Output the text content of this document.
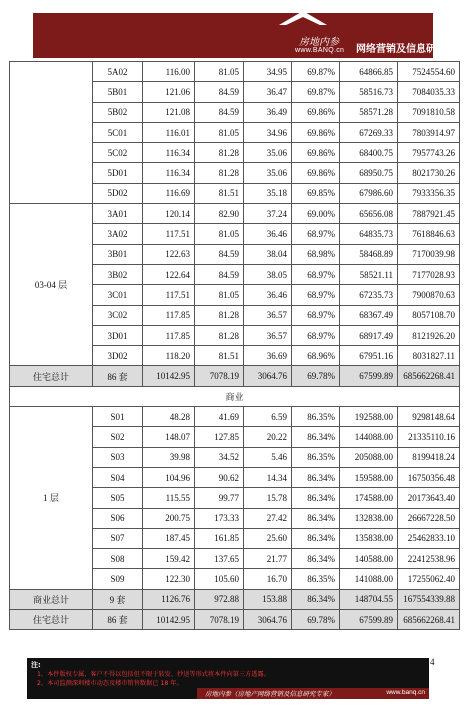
房地内参
www.BANQ.cn 网络营销及信息研究专家
	5A02	116.00	81.05	34.95	69.87%	64866.85	7524554.60
	5B01	121.06	84.59	36.47	69.87%	58516.73	7084035.33
	5B02	121.08	84.59	36.49	69.86%	58571.28	7091810.58
	5C01	116.01	81.05	34.96	69.86%	67269.33	7803914.97
	5C02	116.34	81.28	35.06	69.86%	68400.75	7957743.26
	5D01	116.34	81.28	35.06	69.86%	68950.75	8021730.26
	5D02	116.69	81.51	35.18	69.85%	67986.60	7933356.35
03-04 层	3A01	120.14	82.90	37.24	69.00%	65656.08	7887921.45
	3A02	117.51	81.05	36.46	68.97%	64835.73	7618846.63
	3B01	122.63	84.59	38.04	68.98%	58468.89	7170039.98
	3B02	122.64	84.59	38.05	68.97%	58521.11	7177028.93
	3C01	117.51	81.05	36.46	68.97%	67235.73	7900870.63
	3C02	117.85	81.28	36.57	68.97%	68367.49	8057108.70
	3D01	117.85	81.28	36.57	68.97%	68917.49	8121926.20
	3D02	118.20	81.51	36.69	68.96%	67951.16	8031827.11
住宅总计	86 套	10142.95	7078.19	3064.76	69.78%	67599.89	685662268.41
商业							
1 层	S01	48.28	41.69	6.59	86.35%	192588.00	9298148.64
	S02	148.07	127.85	20.22	86.34%	144088.00	21335110.16
	S03	39.98	34.52	5.46	86.35%	205088.00	8199418.24
	S04	104.96	90.62	14.34	86.34%	159588.00	16750356.48
	S05	115.55	99.77	15.78	86.34%	174588.00	20173643.40
	S06	200.75	173.33	27.42	86.34%	132838.00	26667228.50
	S07	187.45	161.85	25.60	86.34%	135838.00	25462833.10
	S08	159.42	137.65	21.77	86.34%	140588.00	22412538.96
	S09	122.30	105.60	16.70	86.35%	141088.00	17255062.40
商业总计	9 套	1126.76	972.88	153.88	86.34%	148704.55	167554339.88
住宅总计	86 套	10142.95	7078.19	3064.76	69.78%	67599.89	685662268.41
注:
1、本件版权专属，客户不得以包括但不限于转发、抄送等形式将本件向第三方透露。
2、本司监测深圳楼市动态及楼市销售数据已 18 年。
房地内参（房地产网络营销及信息研究专家）	www.banq.cn
4
